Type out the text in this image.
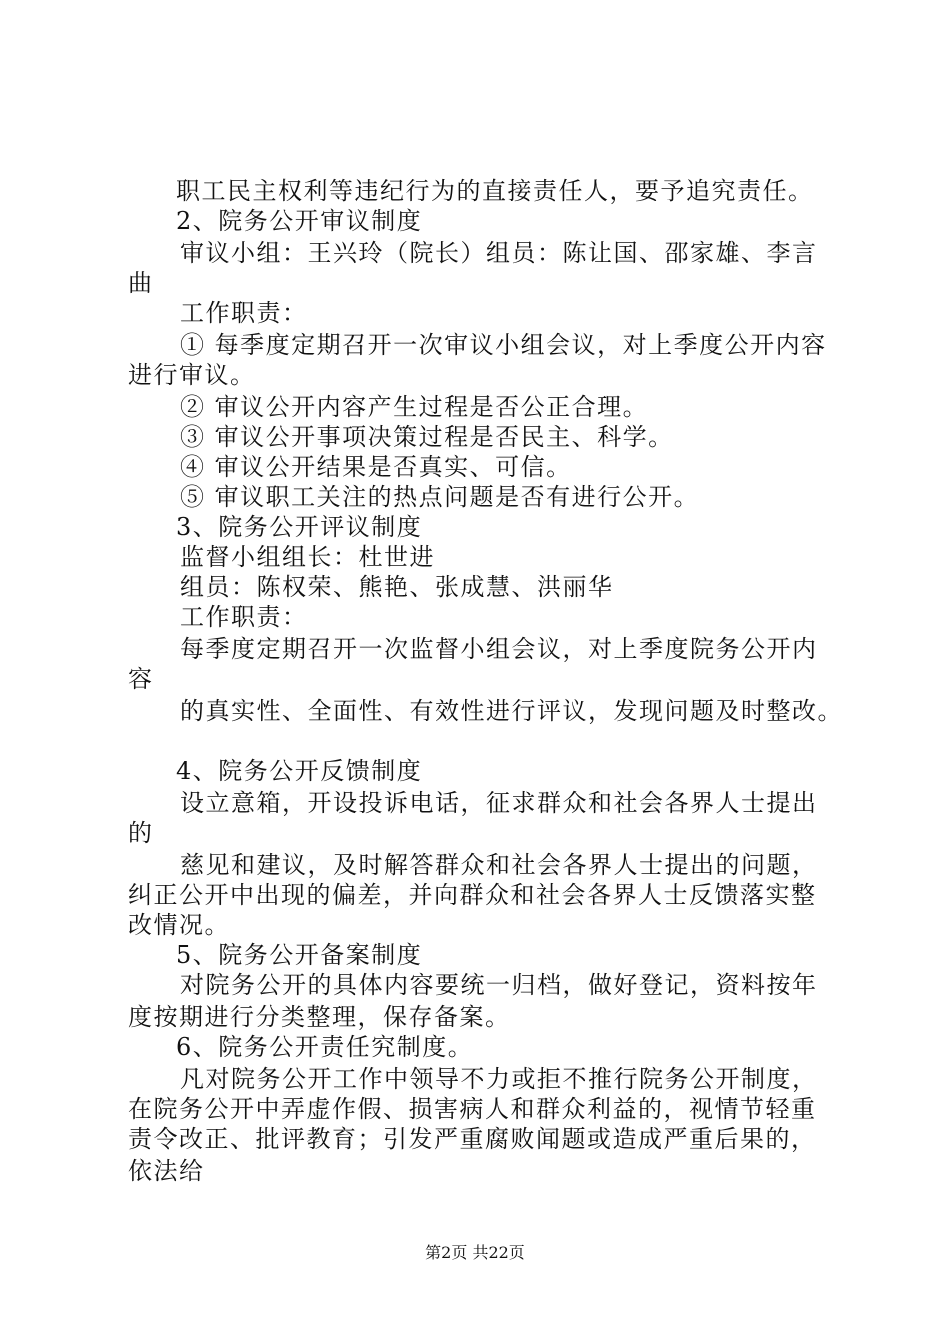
职工民主权利等违纪行为的直接责任人，要予追究责任。
2、院务公开审议制度
审议小组：王兴玲（院长）组员：陈让国、邵家雄、李言
曲
工作职责：
① 每季度定期召开一次审议小组会议，对上季度公开内容
进行审议。
② 审议公开内容产生过程是否公正合理。
③ 审议公开事项决策过程是否民主、科学。
④ 审议公开结果是否真实、可信。
⑤ 审议职工关注的热点问题是否有进行公开。
3、院务公开评议制度
监督小组组长：杜世进
组员：陈权荣、熊艳、张成慧、洪丽华
工作职责：
每季度定期召开一次监督小组会议，对上季度院务公开内
容
的真实性、全面性、有效性进行评议，发现问题及时整改。
4、院务公开反馈制度
设立意箱，开设投诉电话，征求群众和社会各界人士提出
的
慈见和建议，及时解答群众和社会各界人士提出的问题，
纠正公开中出现的偏差，并向群众和社会各界人士反馈落实整
改情况。
5、院务公开备案制度
对院务公开的具体内容要统一归档，做好登记，资料按年
度按期进行分类整理，保存备案。
6、院务公开责任究制度。
凡对院务公开工作中领导不力或拒不推行院务公开制度，
在院务公开中弄虚作假、损害病人和群众利益的，视情节轻重
责令改正、批评教育；引发严重腐败闻题或造成严重后果的，
依法给
第2页 共22页
